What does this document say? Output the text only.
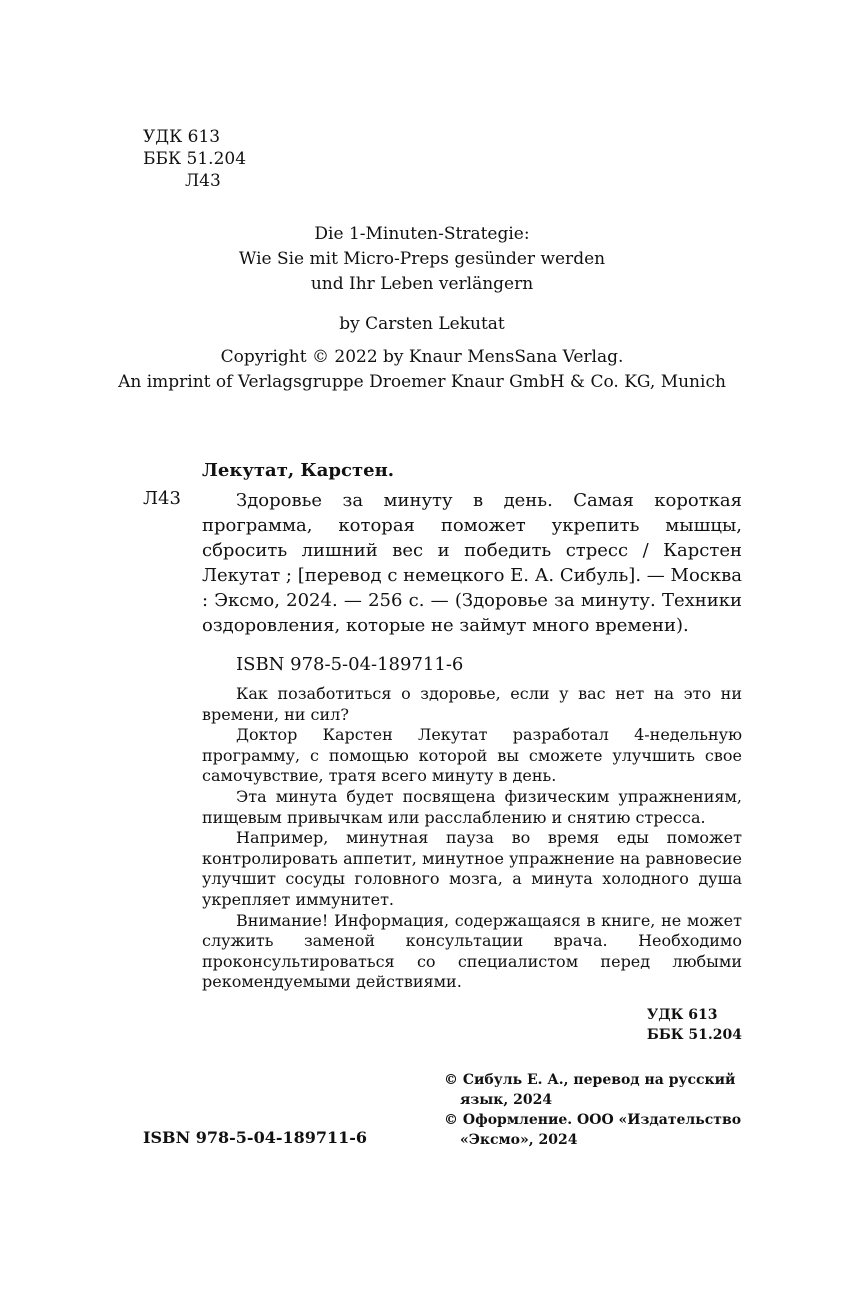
УДК 613
ББК 51.204
Л43
Die 1-Minuten-Strategie:
Wie Sie mit Micro-Preps gesünder werden
und Ihr Leben verlängern
by Carsten Lekutat
Copyright © 2022 by Knaur MensSana Verlag.
An imprint of Verlagsgruppe Droemer Knaur GmbH & Co. KG, Munich
Лекутат, Карстен.
Л43	Здоровье за минуту в день. Самая короткая программа, которая поможет укрепить мышцы, сбросить лишний вес и победить стресс / Карстен Лекутат ; [перевод с немецкого Е. А. Сибуль]. — Москва : Эксмо, 2024. — 256 с. — (Здоровье за минуту. Техники оздоровления, которые не займут много времени).
ISBN 978-5-04-189711-6

Как позаботиться о здоровье, если у вас нет на это ни времени, ни сил?

Доктор Карстен Лекутат разработал 4-недельную программу, с помощью которой вы сможете улучшить свое самочувствие, тратя всего минуту в день.

Эта минута будет посвящена физическим упражнениям, пищевым привычкам или расслаблению и снятию стресса.

Например, минутная пауза во время еды поможет контролировать аппетит, минутное упражнение на равновесие улучшит сосуды головного мозга, а минута холодного душа укрепляет иммунитет.

Внимание! Информация, содержащаяся в книге, не может служить заменой консультации врача. Необходимо проконсультироваться со специалистом перед любыми рекомендуемыми действиями.

УДК 613
ББК 51.204
© Сибуль Е. А., перевод на русский язык, 2024
© Оформление. ООО «Издательство «Эксмо», 2024
ISBN 978-5-04-189711-6
